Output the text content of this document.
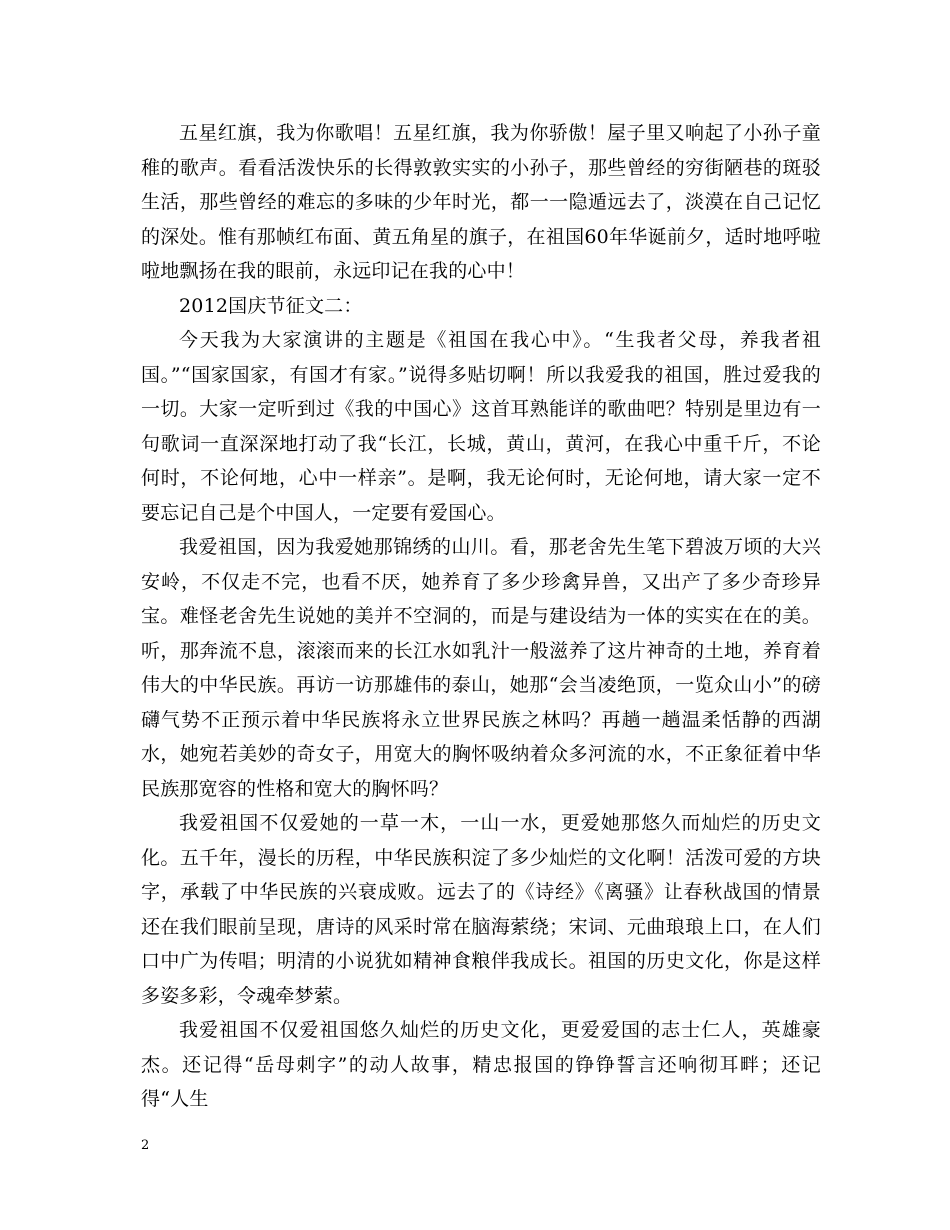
五星红旗，我为你歌唱！五星红旗，我为你骄傲！屋子里又响起了小孙子童稚的歌声。看看活泼快乐的长得敦敦实实的小孙子，那些曾经的穷街陋巷的斑驳生活，那些曾经的难忘的多味的少年时光，都一一隐遁远去了，淡漠在自己记忆的深处。惟有那帧红布面、黄五角星的旗子，在祖国60年华诞前夕，适时地呼啦啦地飘扬在我的眼前，永远印记在我的心中！

2012国庆节征文二：

今天我为大家演讲的主题是《祖国在我心中》。“生我者父母，养我者祖国。”“国家国家，有国才有家。”说得多贴切啊！所以我爱我的祖国，胜过爱我的一切。大家一定听到过《我的中国心》这首耳熟能详的歌曲吧？特别是里边有一句歌词一直深深地打动了我“长江，长城，黄山，黄河，在我心中重千斤，不论何时，不论何地，心中一样亲”。是啊，我无论何时，无论何地，请大家一定不要忘记自己是个中国人，一定要有爱国心。

我爱祖国，因为我爱她那锦绣的山川。看，那老舍先生笔下碧波万顷的大兴安岭，不仅走不完，也看不厌，她养育了多少珍禽异兽，又出产了多少奇珍异宝。难怪老舍先生说她的美并不空洞的，而是与建设结为一体的实实在在的美。听，那奔流不息，滚滚而来的长江水如乳汁一般滋养了这片神奇的土地，养育着伟大的中华民族。再访一访那雄伟的泰山，她那“会当凌绝顶，一览众山小”的磅礴气势不正预示着中华民族将永立世界民族之林吗？再趟一趟温柔恬静的西湖水，她宛若美妙的奇女子，用宽大的胸怀吸纳着众多河流的水，不正象征着中华民族那宽容的性格和宽大的胸怀吗？

我爱祖国不仅爱她的一草一木，一山一水，更爱她那悠久而灿烂的历史文化。五千年，漫长的历程，中华民族积淀了多少灿烂的文化啊！活泼可爱的方块字，承载了中华民族的兴衰成败。远去了的《诗经》《离骚》让春秋战国的情景还在我们眼前呈现，唐诗的风采时常在脑海萦绕；宋词、元曲琅琅上口，在人们口中广为传唱；明清的小说犹如精神食粮伴我成长。祖国的历史文化，你是这样多姿多彩，令魂牵梦萦。

我爱祖国不仅爱祖国悠久灿烂的历史文化，更爱爱国的志士仁人，英雄豪杰。还记得“岳母刺字”的动人故事，精忠报国的铮铮誓言还响彻耳畔；还记得“人生

2
